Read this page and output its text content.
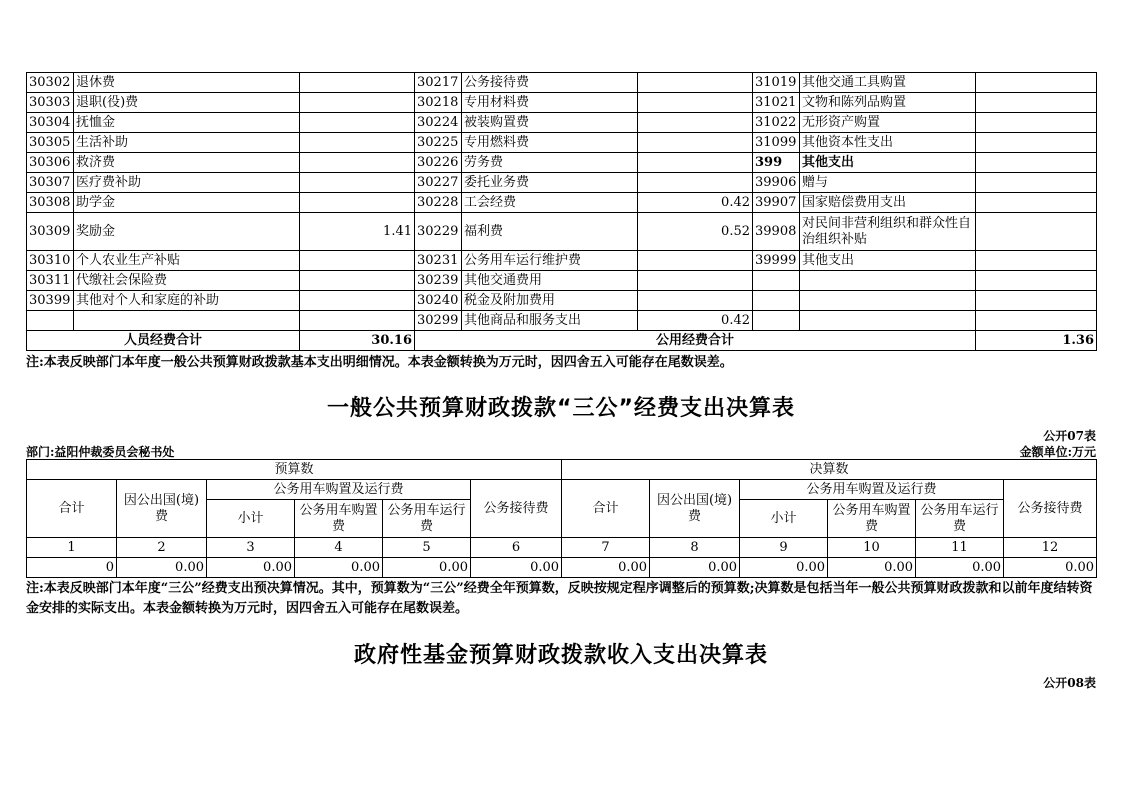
30302	退休费		30217	公务接待费		31019	其他交通工具购置	
30303	退职(役)费		30218	专用材料费		31021	文物和陈列品购置	
30304	抚恤金		30224	被装购置费		31022	无形资产购置	
30305	生活补助		30225	专用燃料费		31099	其他资本性支出	
30306	救济费		30226	劳务费		399	其他支出	
30307	医疗费补助		30227	委托业务费		39906	赠与	
30308	助学金		30228	工会经费	0.42	39907	国家赔偿费用支出	
30309	奖励金	1.41	30229	福利费	0.52	39908	对民间非营利组织和群众性自治组织补贴	
30310	个人农业生产补贴		30231	公务用车运行维护费		39999	其他支出	
30311	代缴社会保险费		30239	其他交通费用				
30399	其他对个人和家庭的补助		30240	税金及附加费用				
			30299	其他商品和服务支出	0.42			
人员经费合计		30.16	公用经费合计					1.36
注:本表反映部门本年度一般公共预算财政拨款基本支出明细情况。本表金额转换为万元时，因四舍五入可能存在尾数误差。
一般公共预算财政拨款“三公”经费支出决算表
公开07表
部门:益阳仲裁委员会秘书处	金额单位:万元
预算数						决算数					
合计	因公出国(境)费	公务用车购置及运行费			公务接待费	合计	因公出国(境)费	公务用车购置及运行费			公务接待费
		小计	公务用车购置费	公务用车运行费				小计	公务用车购置费	公务用车运行费	
1	2	3	4	5	6	7	8	9	10	11	12
0	0.00	0.00	0.00	0.00	0.00	0.00	0.00	0.00	0.00	0.00	0.00
注:本表反映部门本年度“三公”经费支出预决算情况。其中，预算数为“三公”经费全年预算数，反映按规定程序调整后的预算数;决算数是包括当年一般公共预算财政拨款和以前年度结转资金安排的实际支出。本表金额转换为万元时，因四舍五入可能存在尾数误差。
政府性基金预算财政拨款收入支出决算表
公开08表
